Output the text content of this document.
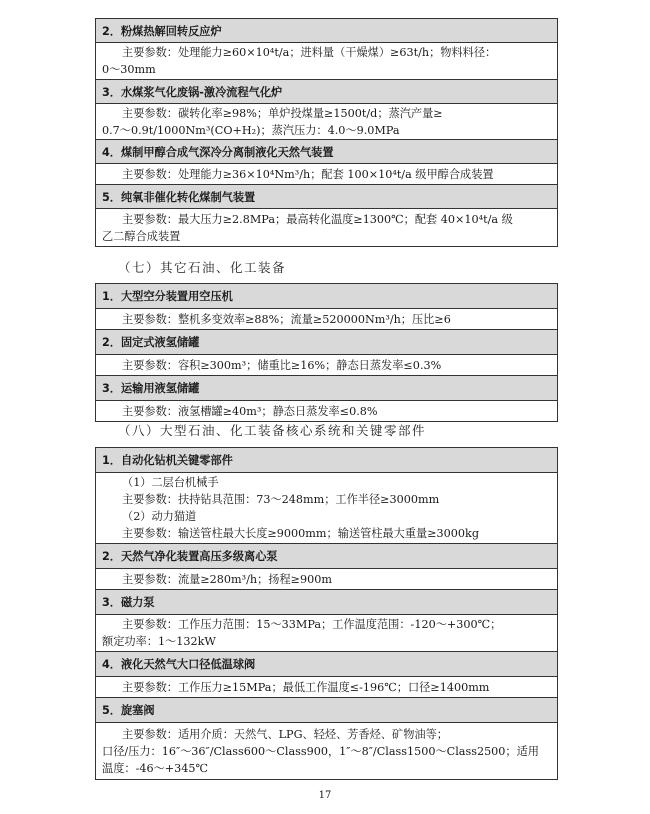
2．粉煤热解回转反应炉

主要参数：处理能力≥60×10⁴t/a；进料量（干燥煤）≥63t/h；物料料径：
0～30mm

3．水煤浆气化废锅-激冷流程气化炉

主要参数：碳转化率≥98%；单炉投煤量≥1500t/d；蒸汽产量≥
0.7～0.9t/1000Nm³(CO+H₂)；蒸汽压力：4.0～9.0MPa

4．煤制甲醇合成气深冷分离制液化天然气装置

主要参数：处理能力≥36×10⁴Nm³/h；配套 100×10⁴t/a 级甲醇合成装置

5．纯氧非催化转化煤制气装置

主要参数：最大压力≥2.8MPa；最高转化温度≥1300℃；配套 40×10⁴t/a 级
乙二醇合成装置
（七）其它石油、化工装备
1．大型空分装置用空压机

主要参数：整机多变效率≥88%；流量≥520000Nm³/h；压比≥6

2．固定式液氢储罐

主要参数：容积≥300m³；储重比≥16%；静态日蒸发率≤0.3%

3．运输用液氢储罐

主要参数：液氢槽罐≥40m³；静态日蒸发率≤0.8%
（八）大型石油、化工装备核心系统和关键零部件
1．自动化钻机关键零部件

（1）二层台机械手
主要参数：扶持钻具范围：73～248mm；工作半径≥3000mm
（2）动力猫道
主要参数：输送管柱最大长度≥9000mm；输送管柱最大重量≥3000kg

2．天然气净化装置高压多级离心泵

主要参数：流量≥280m³/h；扬程≥900m

3．磁力泵

主要参数：工作压力范围：15～33MPa；工作温度范围：-120～+300℃；
额定功率：1～132kW

4．液化天然气大口径低温球阀

主要参数：工作压力≥15MPa；最低工作温度≤-196℃；口径≥1400mm

5．旋塞阀

主要参数：适用介质：天然气、LPG、轻烃、芳香烃、矿物油等；
口径/压力：16″～36″/Class600～Class900，1″～8″/Class1500～Class2500；适用
温度：-46～+345℃
17
